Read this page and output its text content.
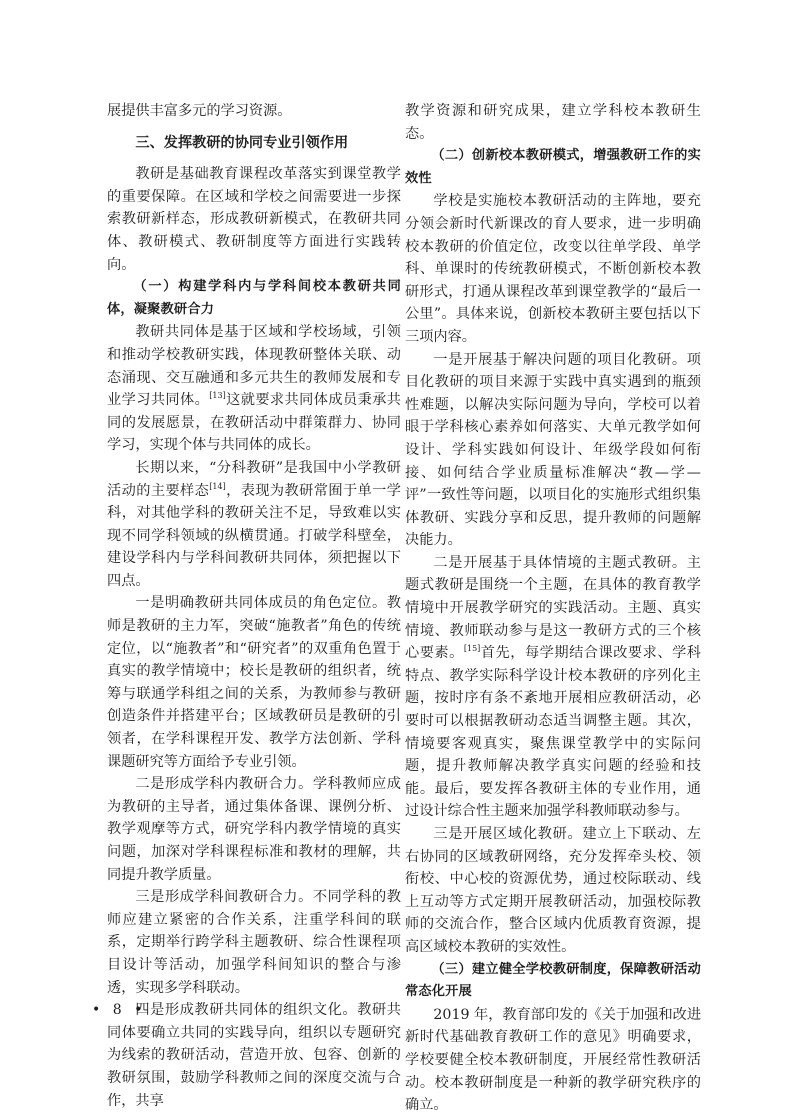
展提供丰富多元的学习资源。

三、发挥教研的协同专业引领作用

教研是基础教育课程改革落实到课堂教学的重要保障。在区域和学校之间需要进一步探索教研新样态，形成教研新模式，在教研共同体、教研模式、教研制度等方面进行实践转向。

（一）构建学科内与学科间校本教研共同体，凝聚教研合力

教研共同体是基于区域和学校场域，引领和推动学校教研实践，体现教研整体关联、动态涌现、交互融通和多元共生的教师发展和专业学习共同体。[13]这就要求共同体成员秉承共同的发展愿景，在教研活动中群策群力、协同学习，实现个体与共同体的成长。

长期以来，“分科教研”是我国中小学教研活动的主要样态[14]，表现为教研常囿于单一学科，对其他学科的教研关注不足，导致难以实现不同学科领域的纵横贯通。打破学科壁垒，建设学科内与学科间教研共同体，须把握以下四点。

一是明确教研共同体成员的角色定位。教师是教研的主力军，突破“施教者”角色的传统定位，以“施教者”和“研究者”的双重角色置于真实的教学情境中；校长是教研的组织者，统筹与联通学科组之间的关系，为教师参与教研创造条件并搭建平台；区域教研员是教研的引领者，在学科课程开发、教学方法创新、学科课题研究等方面给予专业引领。

二是形成学科内教研合力。学科教师应成为教研的主导者，通过集体备课、课例分析、教学观摩等方式，研究学科内教学情境的真实问题，加深对学科课程标准和教材的理解，共同提升教学质量。

三是形成学科间教研合力。不同学科的教师应建立紧密的合作关系，注重学科间的联系，定期举行跨学科主题教研、综合性课程项目设计等活动，加强学科间知识的整合与渗透，实现多学科联动。

四是形成教研共同体的组织文化。教研共同体要确立共同的实践导向，组织以专题研究为线索的教研活动，营造开放、包容、创新的教研氛围，鼓励学科教师之间的深度交流与合作，共享

教学资源和研究成果，建立学科校本教研生态。

（二）创新校本教研模式，增强教研工作的实效性

学校是实施校本教研活动的主阵地，要充分领会新时代新课改的育人要求，进一步明确校本教研的价值定位，改变以往单学段、单学科、单课时的传统教研模式，不断创新校本教研形式，打通从课程改革到课堂教学的“最后一公里”。具体来说，创新校本教研主要包括以下三项内容。

一是开展基于解决问题的项目化教研。项目化教研的项目来源于实践中真实遇到的瓶颈性难题，以解决实际问题为导向，学校可以着眼于学科核心素养如何落实、大单元教学如何设计、学科实践如何设计、年级学段如何衔接、如何结合学业质量标准解决“教—学—评”一致性等问题，以项目化的实施形式组织集体教研、实践分享和反思，提升教师的问题解决能力。

二是开展基于具体情境的主题式教研。主题式教研是围绕一个主题，在具体的教育教学情境中开展教学研究的实践活动。主题、真实情境、教师联动参与是这一教研方式的三个核心要素。[15]首先，每学期结合课改要求、学科特点、教学实际科学设计校本教研的序列化主题，按时序有条不紊地开展相应教研活动，必要时可以根据教研动态适当调整主题。其次，情境要客观真实，聚焦课堂教学中的实际问题，提升教师解决教学真实问题的经验和技能。最后，要发挥各教研主体的专业作用，通过设计综合性主题来加强学科教师联动参与。

三是开展区域化教研。建立上下联动、左右协同的区域教研网络，充分发挥牵头校、领衔校、中心校的资源优势，通过校际联动、线上互动等方式定期开展教研活动，加强校际教师的交流合作，整合区域内优质教育资源，提高区域校本教研的实效性。

（三）建立健全学校教研制度，保障教研活动常态化开展

2019 年，教育部印发的《关于加强和改进新时代基础教育教研工作的意见》明确要求，学校要健全校本教研制度，开展经常性教研活动。校本教研制度是一种新的教学研究秩序的确立。

• 8 •
